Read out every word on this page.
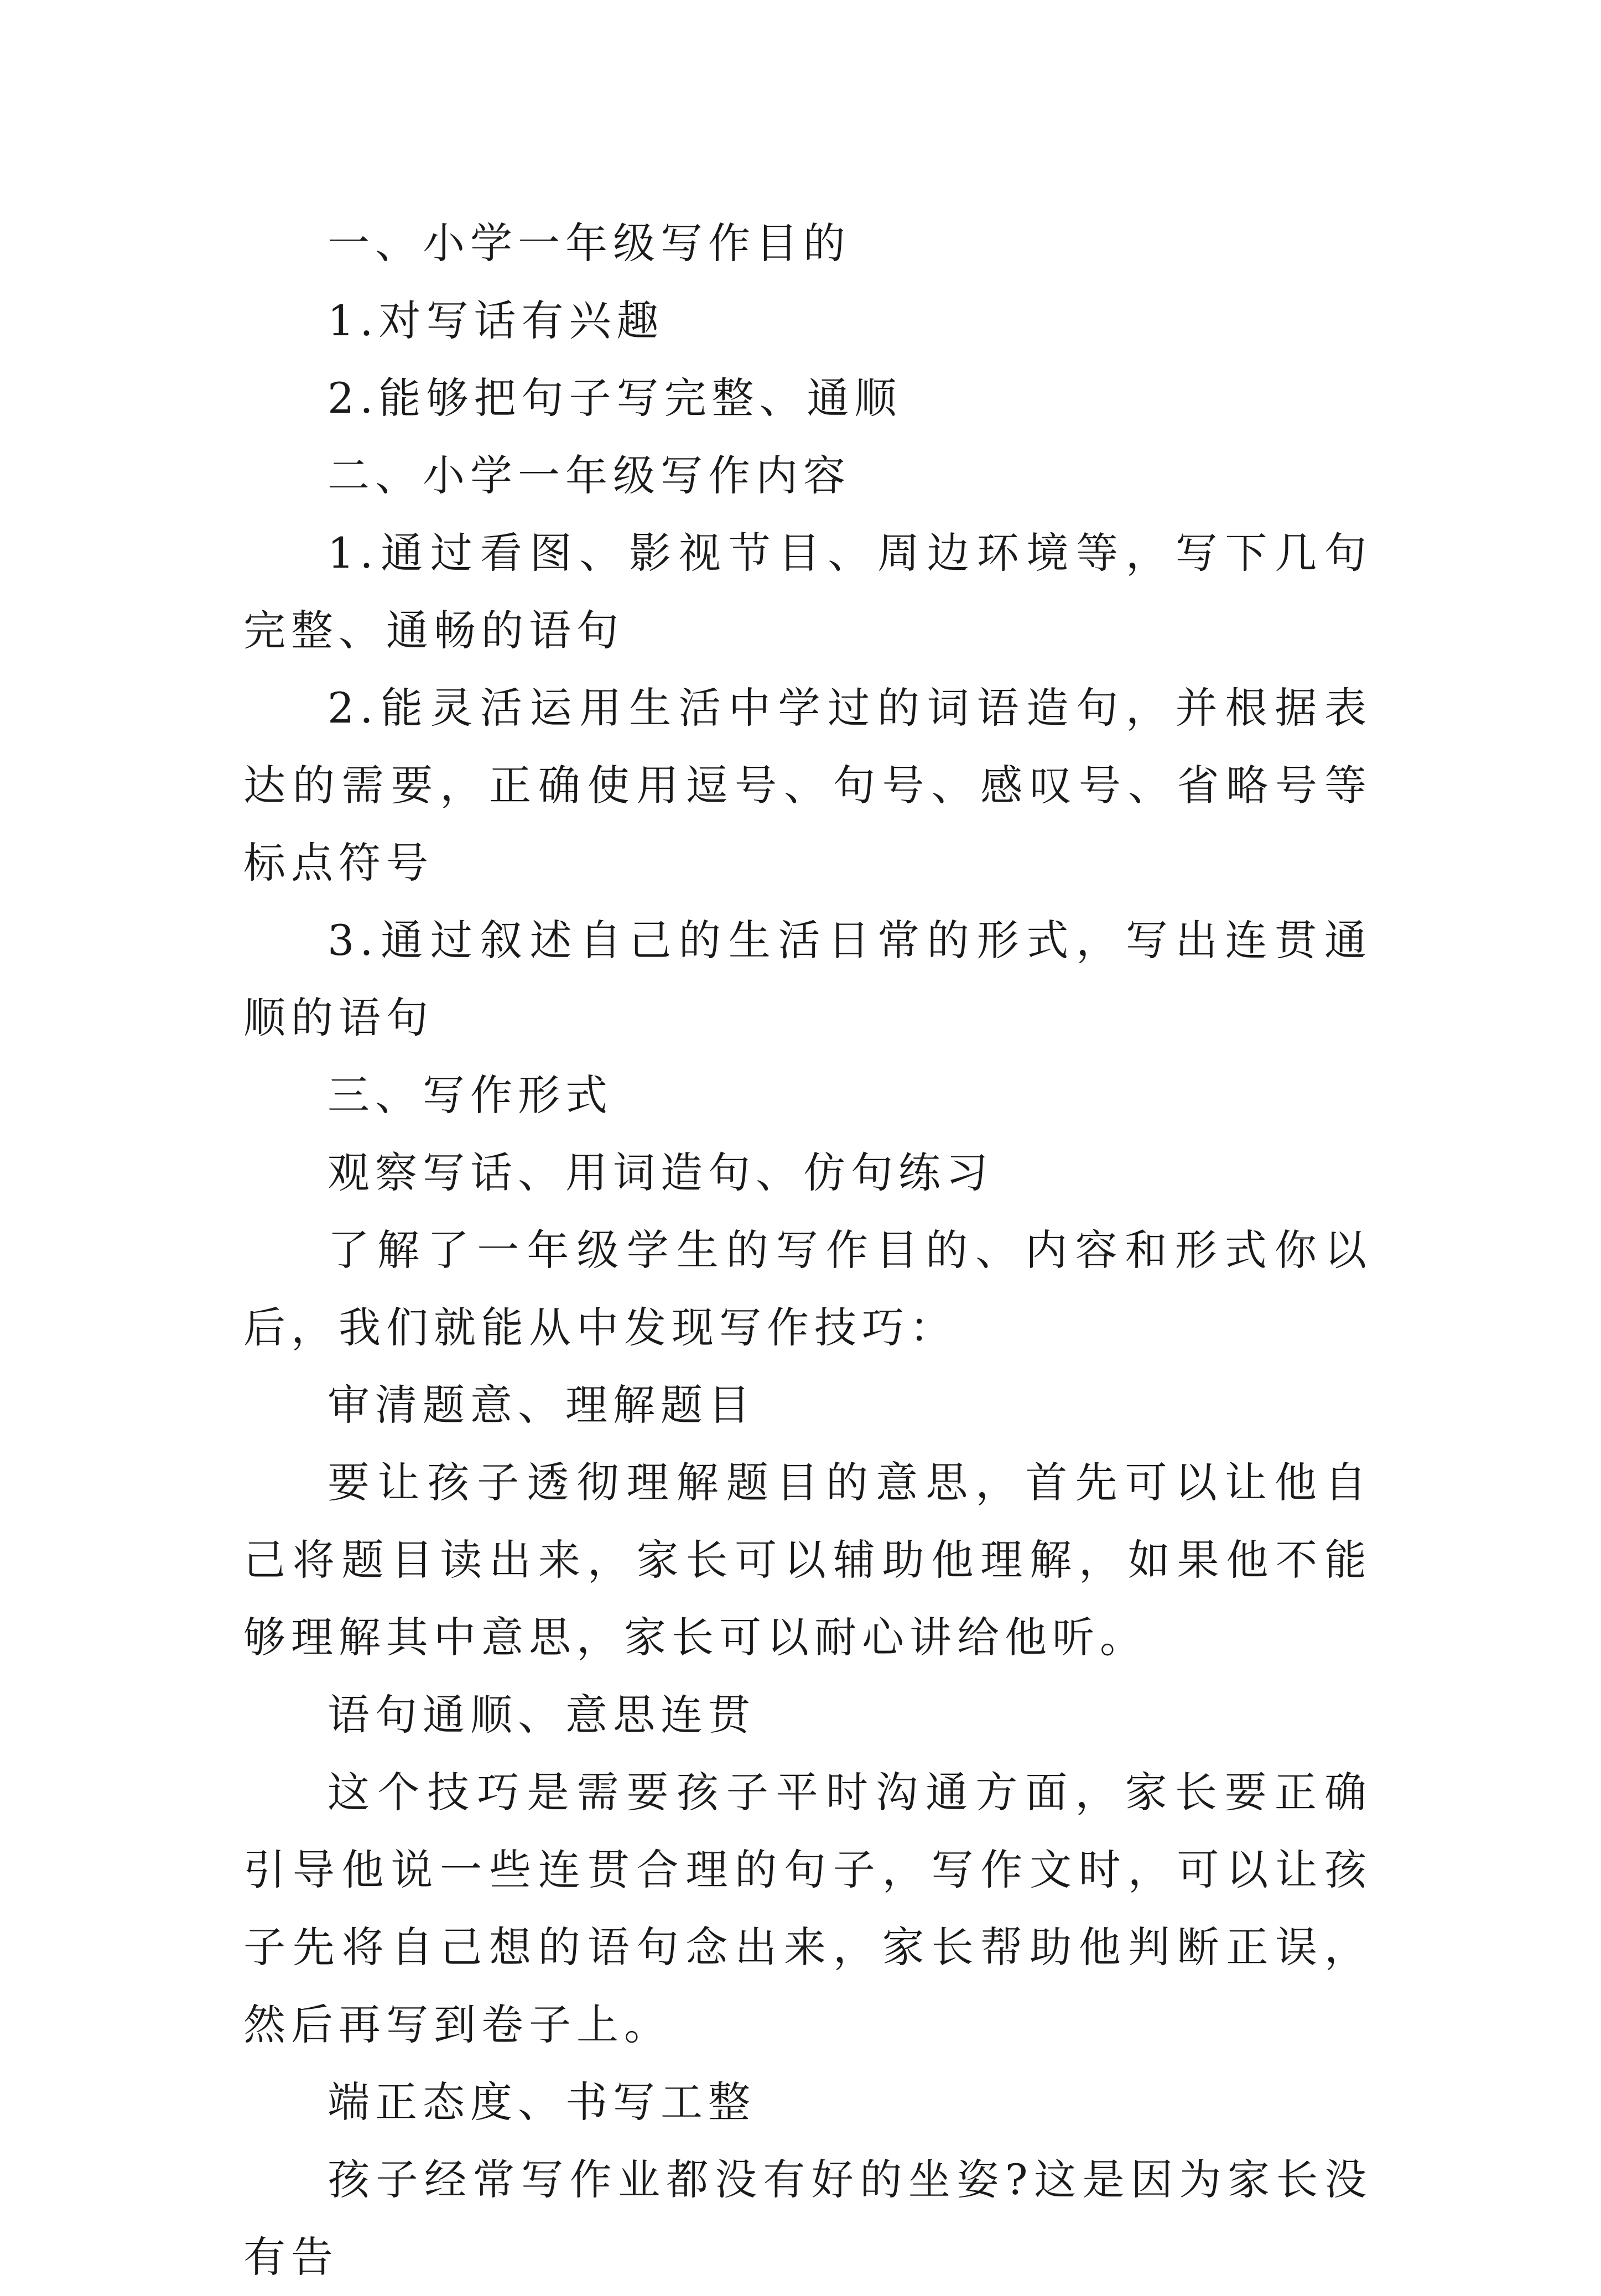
一、小学一年级写作目的

1.对写话有兴趣

2.能够把句子写完整、通顺

二、小学一年级写作内容

1.通过看图、影视节目、周边环境等，写下几句完整、通畅的语句

2.能灵活运用生活中学过的词语造句，并根据表达的需要，正确使用逗号、句号、感叹号、省略号等标点符号

3.通过叙述自己的生活日常的形式，写出连贯通顺的语句

三、写作形式

观察写话、用词造句、仿句练习

了解了一年级学生的写作目的、内容和形式你以后，我们就能从中发现写作技巧：

审清题意、理解题目

要让孩子透彻理解题目的意思，首先可以让他自己将题目读出来，家长可以辅助他理解，如果他不能够理解其中意思，家长可以耐心讲给他听。

语句通顺、意思连贯

这个技巧是需要孩子平时沟通方面，家长要正确引导他说一些连贯合理的句子，写作文时，可以让孩子先将自己想的语句念出来，家长帮助他判断正误，然后再写到卷子上。

端正态度、书写工整

孩子经常写作业都没有好的坐姿?这是因为家长没有告
